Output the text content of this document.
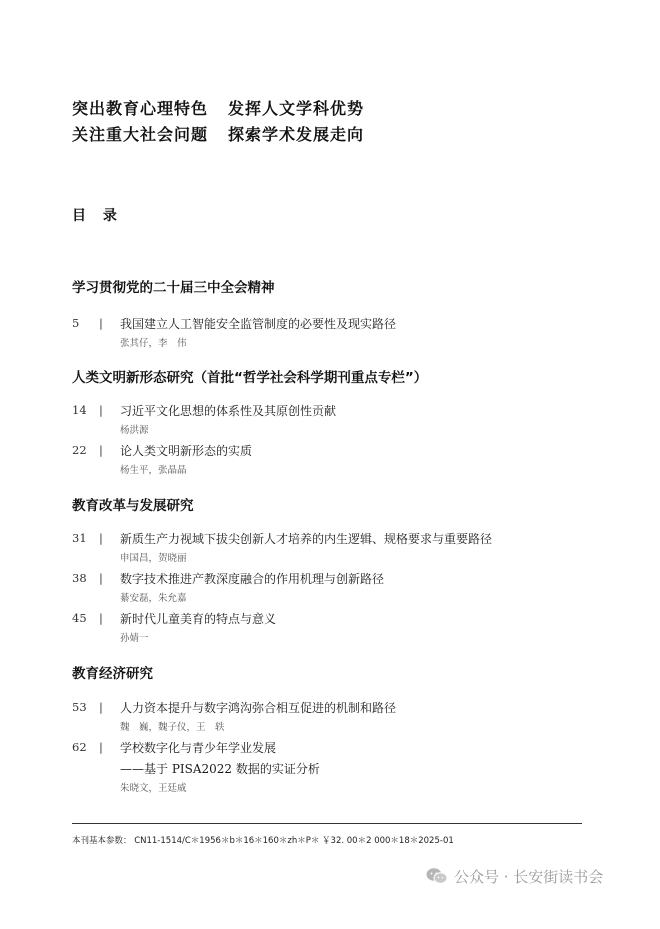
突出教育心理特色 发挥人文学科优势
关注重大社会问题 探索学术发展走向
目 录
学习贯彻党的二十届三中全会精神
5	| 我国建立人工智能安全监管制度的必要性及现实路径
张其仔，李　伟
人类文明新形态研究（首批“哲学社会科学期刊重点专栏”）
14	| 习近平文化思想的体系性及其原创性贡献
杨洪源
22	| 论人类文明新形态的实质
杨生平，张晶晶
教育改革与发展研究
31	| 新质生产力视域下拔尖创新人才培养的内生逻辑、规格要求与重要路径
申国昌，贺晓丽
38	| 数字技术推进产教深度融合的作用机理与创新路径
綦安磊，朱允嘉
45	| 新时代儿童美育的特点与意义
孙婧一
教育经济研究
53	| 人力资本提升与数字鸿沟弥合相互促进的机制和路径
魏　巍，魏子仪，王　轶
62	| 学校数字化与青少年学业发展
——基于 PISA2022 数据的实证分析
朱晓文，王廷威
本刊基本参数： CN11-1514/C＊1956＊b＊16＊160＊zh＊P＊ ￥32. 00＊2 000＊18＊2025-01
公众号 · 长安街读书会
